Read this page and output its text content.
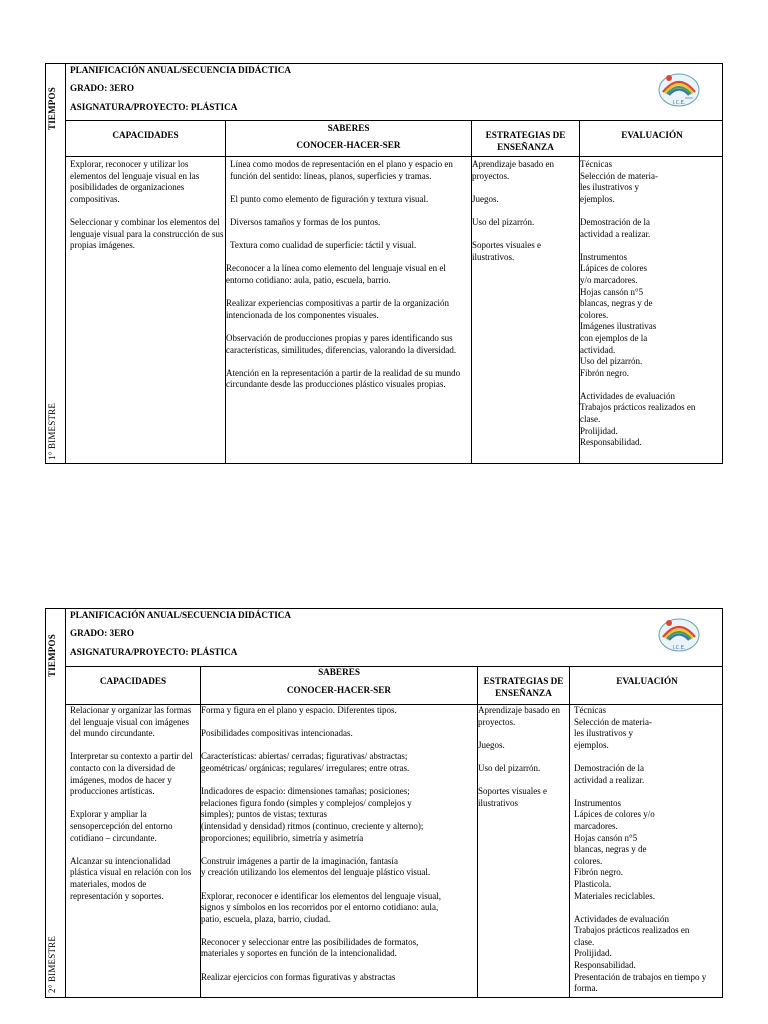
TIEMPOS
1° BIMESTRE
PLANIFICACIÓN ANUAL/SECUENCIA DIDÁCTICA
GRADO: 3ERO
ASIGNATURA/PROYECTO: PLÁSTICA	I.C.E.
CAPACIDADES
SABERES
CONOCER-HACER-SER
ESTRATEGIAS DE
ENSEÑANZA
EVALUACIÓN

Explorar, reconocer y utilizar los elementos del lenguaje visual en las posibilidades de organizaciones compositivas.

Seleccionar y combinar los elementos del lenguaje visual para la construcción de sus propias imágenes.

Línea como modos de representación en el plano y espacio en función del sentido: líneas, planos, superficies y tramas.

El punto como elemento de figuración y textura visual.

Diversos tamaños y formas de los puntos.

Textura como cualidad de superficie: táctil y visual.

Reconocer a la línea como elemento del lenguaje visual en el entorno cotidiano: aula, patio, escuela, barrio.

Realizar experiencias compositivas a partir de la organización intencionada de los componentes visuales.

Observación de producciones propias y pares identificando sus características, similitudes, diferencias, valorando la diversidad.

Atención en la representación a partir de la realidad de su mundo circundante desde las producciones plástico visuales propias.

Aprendizaje basado en proyectos.

Juegos.

Uso del pizarrón.

Soportes visuales e ilustrativos.

Técnicas
Selección de materia-
les ilustrativos y
ejemplos.

Demostración de la
actividad a realizar.

Instrumentos
Lápices de colores
y/o marcadores.
Hojas cansón n°5
blancas, negras y de
colores.
Imágenes ilustrativas
con ejemplos de la
actividad.
Uso del pizarrón.
Fibrón negro.

Actividades de evaluación
Trabajos prácticos realizados en
clase.
Prolijidad.
Responsabilidad.

TIEMPOS
2° BIMESTRE
PLANIFICACIÓN ANUAL/SECUENCIA DIDÁCTICA
GRADO: 3ERO
ASIGNATURA/PROYECTO: PLÁSTICA	I.C.E.
CAPACIDADES
SABERES
CONOCER-HACER-SER
ESTRATEGIAS DE
ENSEÑANZA
EVALUACIÓN

Relacionar y organizar las formas del lenguaje visual con imágenes del mundo circundante.

Interpretar su contexto a partir del contacto con la diversidad de imágenes, modos de hacer y producciones artísticas.

Explorar y ampliar la sensopercepción del entorno cotidiano – circundante.

Alcanzar su intencionalidad plástica visual en relación con los materiales, modos de representación y soportes.

Forma y figura en el plano y espacio. Diferentes tipos.

Posibilidades compositivas intencionadas.

Características: abiertas/ cerradas; figurativas/ abstractas;
geométricas/ orgánicas; regulares/ irregulares; entre otras.

Indicadores de espacio: dimensiones tamañas; posiciones;
relaciones figura fondo (simples y complejos/ complejos y
simples); puntos de vistas; texturas
(intensidad y densidad) ritmos (continuo, creciente y alterno);
proporciones; equilibrio, simetría y asimetría

Construir imágenes a partir de la imaginación, fantasía
y creación utilizando los elementos del lenguaje plástico visual.

Explorar, reconocer e identificar los elementos del lenguaje visual,
signos y símbolos en los recorridos por el entorno cotidiano: aula,
patio, escuela, plaza, barrio, ciudad.

Reconocer y seleccionar entre las posibilidades de formatos,
materiales y soportes en función de la intencionalidad.

Realizar ejercicios con formas figurativas y abstractas

Aprendizaje basado en proyectos.

Juegos.

Uso del pizarrón.

Soportes visuales e ilustrativos

Técnicas
Selección de materia-
les ilustrativos y
ejemplos.

Demostración de la
actividad a realizar.

Instrumentos
Lápices de colores y/o
marcadores.
Hojas cansón n°5
blancas, negras y de
colores.
Fibrón negro.
Plasticola.
Materiales reciclables.

Actividades de evaluación
Trabajos prácticos realizados en
clase.
Prolijidad.
Responsabilidad.
Presentación de trabajos en tiempo y
forma.
